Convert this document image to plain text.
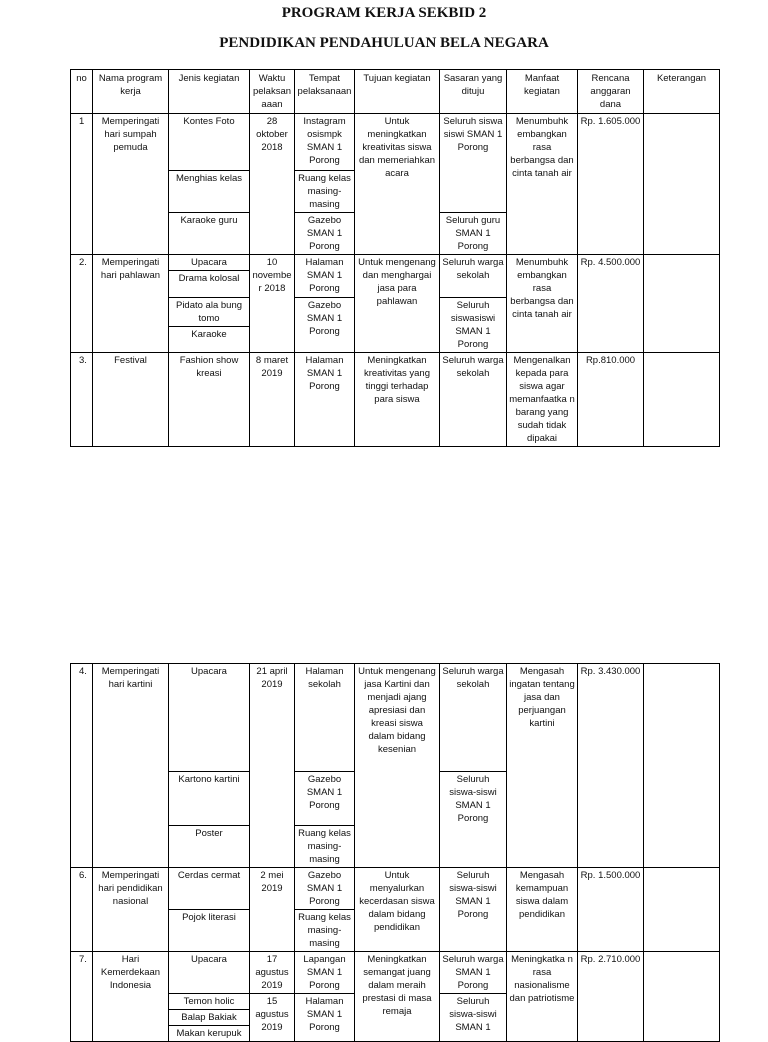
PROGRAM KERJA SEKBID 2
PENDIDIKAN PENDAHULUAN BELA NEGARA
no	Nama program kerja	Jenis kegiatan	Waktu pelaksan aaan	Tempat pelaksanaan	Tujuan kegiatan	Sasaran yang dituju	Manfaat kegiatan	Rencana anggaran dana	Keterangan
1	Memperingati hari sumpah pemuda	Kontes Foto	28 oktober 2018	Instagram osismpk SMAN 1 Porong	Untuk meningkatkan kreativitas siswa dan memeriahkan acara	Seluruh siswa siswi SMAN 1 Porong	Menumbuhk embangkan rasa berbangsa dan cinta tanah air	Rp. 1.605.000	
		Menghias kelas		Ruang kelas masing-masing					
		Karaoke guru		Gazebo SMAN 1 Porong		Seluruh guru SMAN 1 Porong			
2.	Memperingati hari pahlawan	Upacara	10 november 2018	Halaman SMAN 1 Porong	Untuk mengenang dan menghargai jasa para pahlawan	Seluruh warga sekolah	Menumbuhk embangkan rasa berbangsa dan cinta tanah air	Rp. 4.500.000	
		Drama kolosal							
		Pidato ala bung tomo		Gazebo SMAN 1 Porong		Seluruh siswasiswi SMAN 1 Porong			
		Karaoke							
3.	Festival	Fashion show kreasi	8 maret 2019	Halaman SMAN 1 Porong	Meningkatkan kreativitas yang tinggi terhadap para siswa	Seluruh warga sekolah	Mengenalkan kepada para siswa agar memanfaatka n barang yang sudah tidak dipakai	Rp.810.000	
4.	Memperingati hari kartini	Upacara	21 april 2019	Halaman sekolah	Untuk mengenang jasa Kartini dan menjadi ajang apresiasi dan kreasi siswa dalam bidang kesenian	Seluruh warga sekolah	Mengasah ingatan tentang jasa dan perjuangan kartini	Rp. 3.430.000	
		Kartono kartini		Gazebo SMAN 1 Porong		Seluruh siswa-siswi SMAN 1 Porong			
		Poster		Ruang kelas masing-masing					
6.	Memperingati hari pendidikan nasional	Cerdas cermat	2 mei 2019	Gazebo SMAN 1 Porong	Untuk menyalurkan kecerdasan siswa dalam bidang pendidikan	Seluruh siswa-siswi SMAN 1 Porong	Mengasah kemampuan siswa dalam pendidikan	Rp. 1.500.000	
		Pojok literasi		Ruang kelas masing-masing					
7.	Hari Kemerdekaan Indonesia	Upacara	17 agustus 2019	Lapangan SMAN 1 Porong	Meningkatkan semangat juang dalam meraih prestasi di masa remaja	Seluruh warga SMAN 1 Porong	Meningkatka n rasa nasionalisme dan patriotisme	Rp. 2.710.000	
		Temon holic	15 agustus 2019	Halaman SMAN 1 Porong		Seluruh siswa-siswi SMAN 1			
		Balap Bakiak							
		Makan kerupuk							
